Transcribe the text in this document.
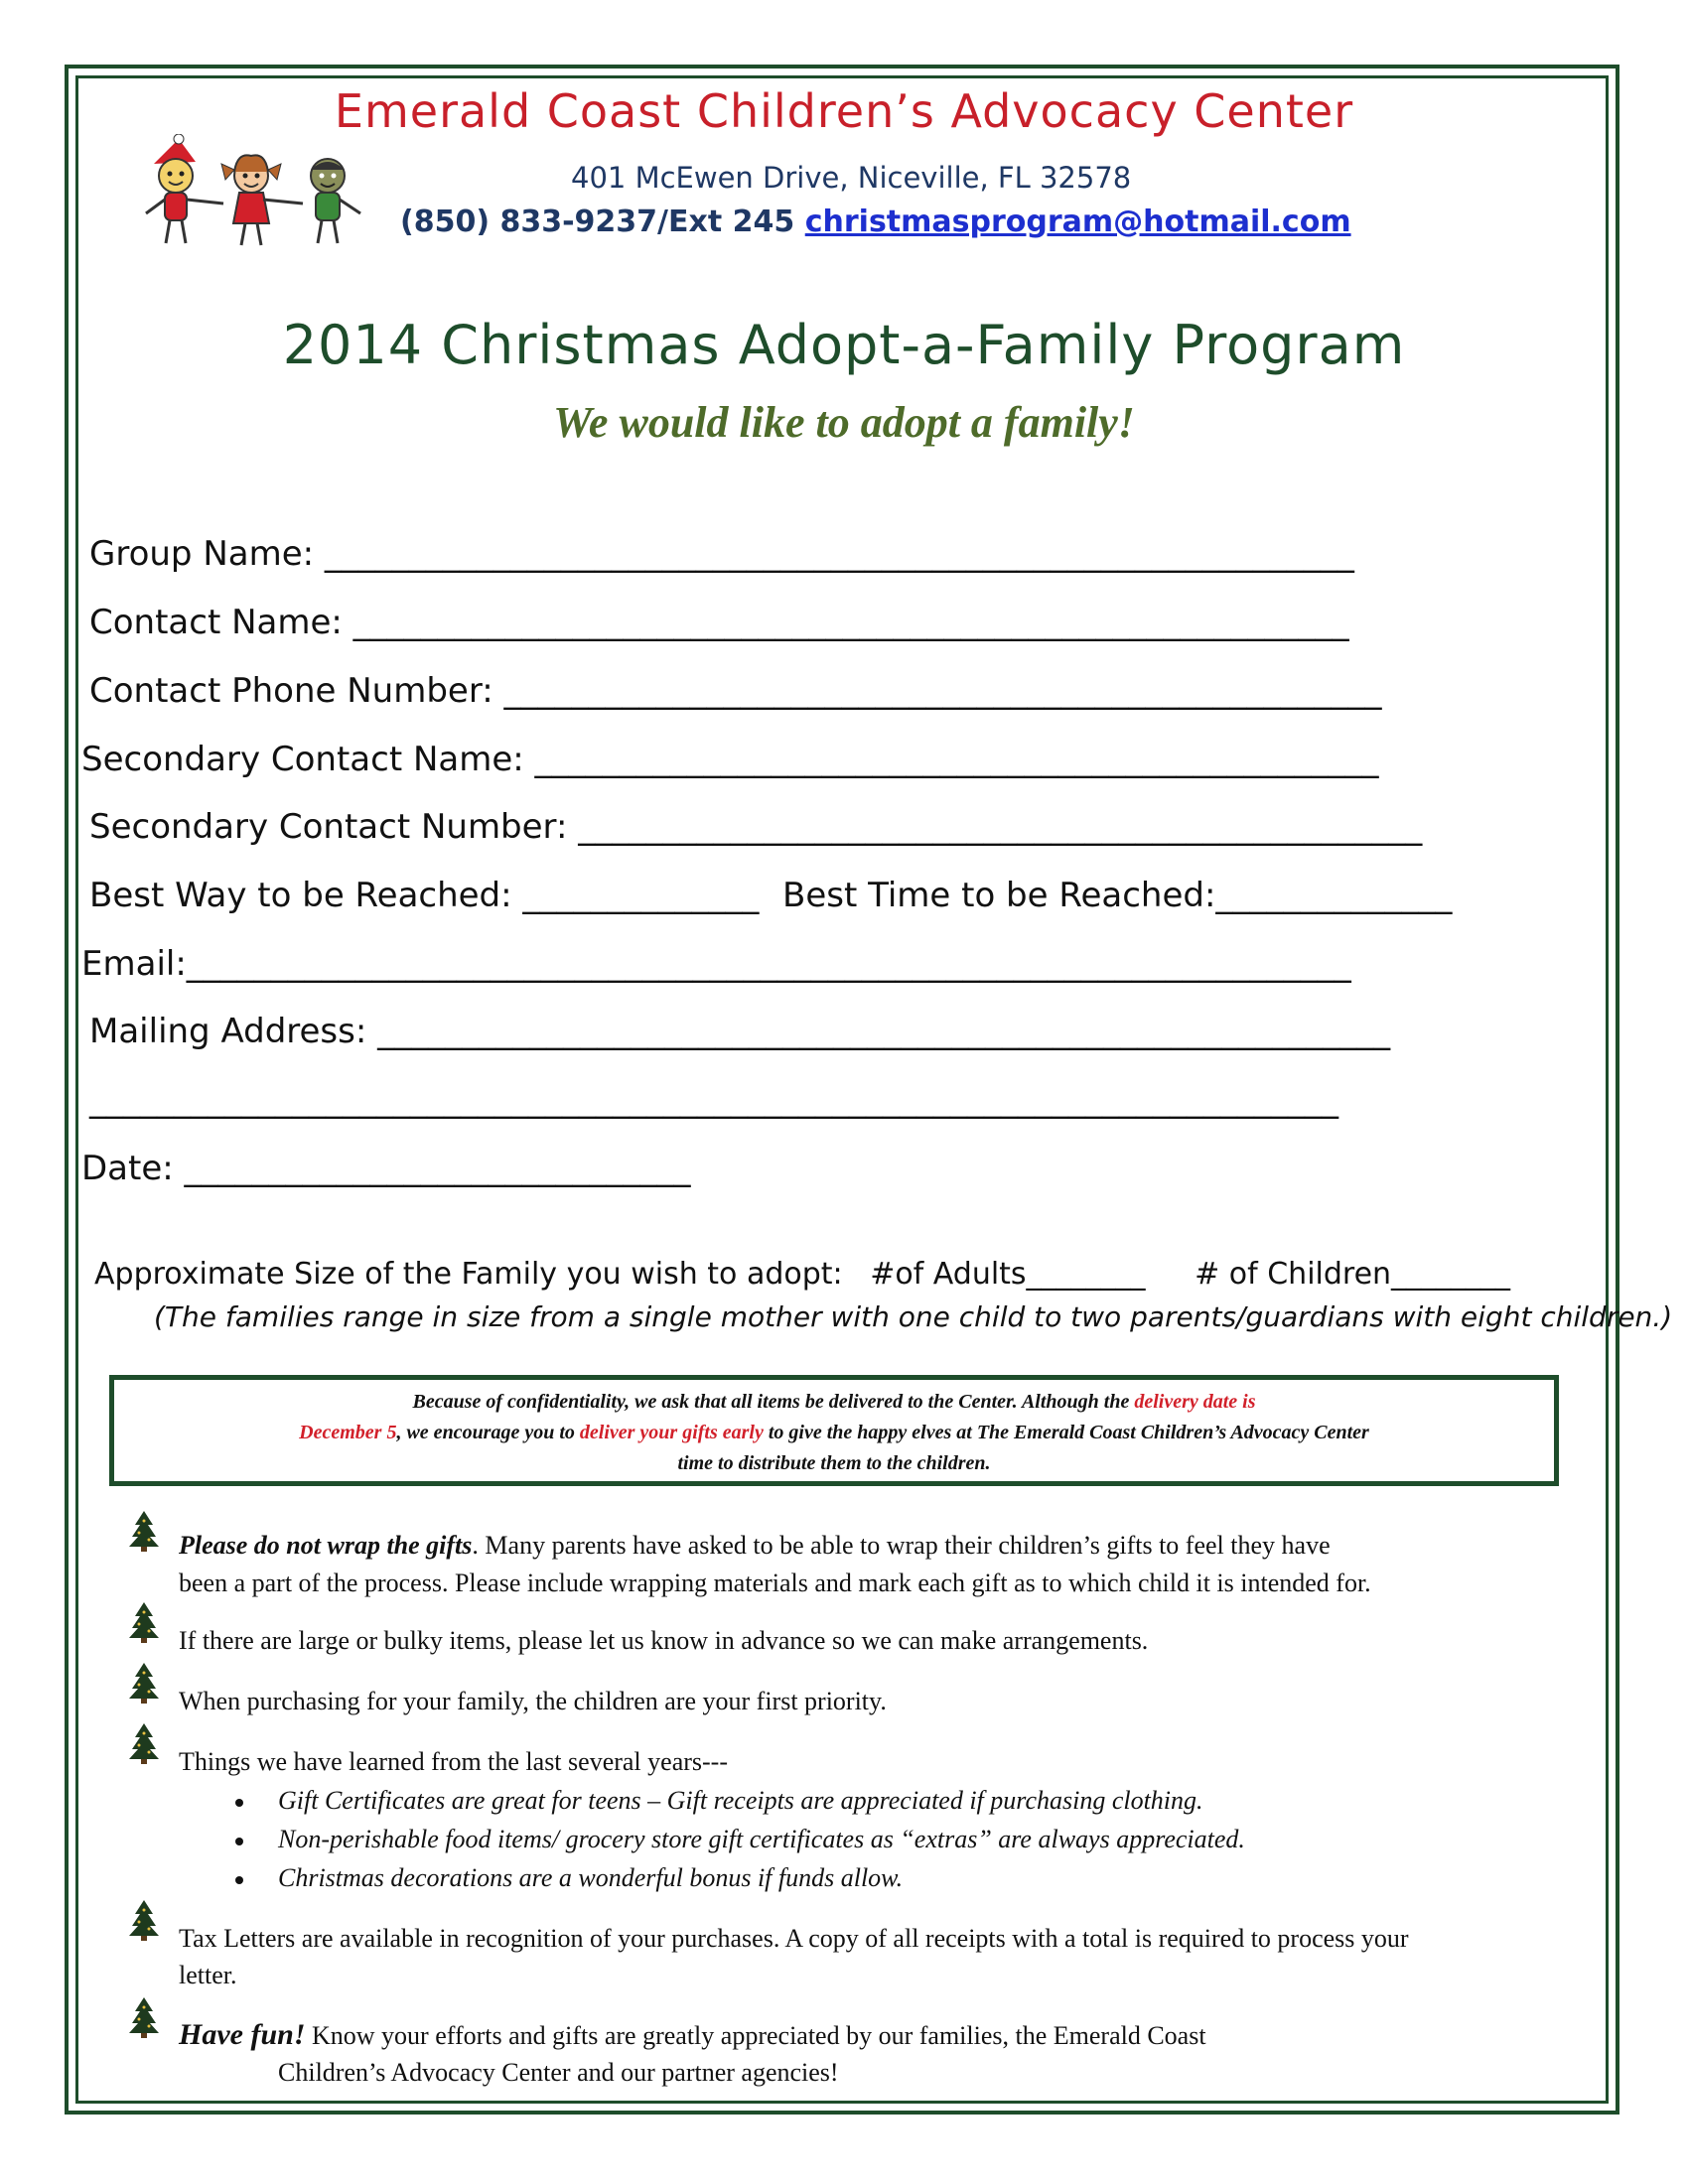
Emerald Coast Children’s Advocacy Center
401 McEwen Drive, Niceville, FL 32578
(850) 833-9237/Ext 245 christmasprogram@hotmail.com
2014 Christmas Adopt-a-Family Program
We would like to adopt a family!
Group Name: _____________________________________________________________
Contact Name: ___________________________________________________________
Contact Phone Number: ____________________________________________________
Secondary Contact Name: __________________________________________________
Secondary Contact Number: __________________________________________________
Best Way to be Reached: ______________ Best Time to be Reached:______________
Email:_____________________________________________________________________
Mailing Address: ____________________________________________________________
__________________________________________________________________________
Date: ______________________________
Approximate Size of the Family you wish to adopt: #of Adults________ # of Children________
(The families range in size from a single mother with one child to two parents/guardians with eight children.)
Because of confidentiality, we ask that all items be delivered to the Center. Although the delivery date is
December 5, we encourage you to deliver your gifts early to give the happy elves at The Emerald Coast Children’s Advocacy Center
time to distribute them to the children.
Please do not wrap the gifts. Many parents have asked to be able to wrap their children’s gifts to feel they have
been a part of the process. Please include wrapping materials and mark each gift as to which child it is intended for.
If there are large or bulky items, please let us know in advance so we can make arrangements.
When purchasing for your family, the children are your first priority.
Things we have learned from the last several years---
Gift Certificates are great for teens – Gift receipts are appreciated if purchasing clothing.
Non-perishable food items/ grocery store gift certificates as “extras” are always appreciated.
Christmas decorations are a wonderful bonus if funds allow.
Tax Letters are available in recognition of your purchases. A copy of all receipts with a total is required to process your
letter.
Have fun! Know your efforts and gifts are greatly appreciated by our families, the Emerald Coast
Children’s Advocacy Center and our partner agencies!
